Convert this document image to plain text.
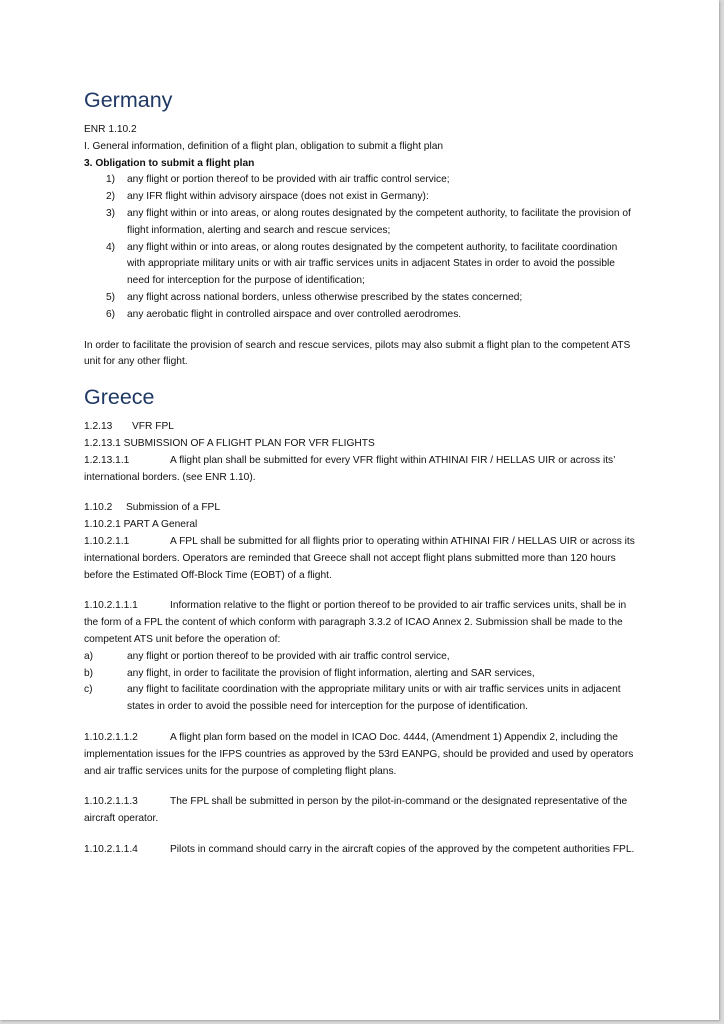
Germany

ENR 1.10.2

I. General information, definition of a flight plan, obligation to submit a flight plan

3. Obligation to submit a flight plan

1)	any flight or portion thereof to be provided with air traffic control service;
2)	any IFR flight within advisory airspace (does not exist in Germany):
3)	any flight within or into areas, or along routes designated by the competent authority, to facilitate the provision of flight information, alerting and search and rescue services;
4)	any flight within or into areas, or along routes designated by the competent authority, to facilitate coordination with appropriate military units or with air traffic services units in adjacent States in order to avoid the possible need for interception for the purpose of identification;
5)	any flight across national borders, unless otherwise prescribed by the states concerned;
6)	any aerobatic flight in controlled airspace and over controlled aerodromes.

In order to facilitate the provision of search and rescue services, pilots may also submit a flight plan to the competent ATS unit for any other flight.

Greece

1.2.13 VFR FPL

1.2.13.1 SUBMISSION OF A FLIGHT PLAN FOR VFR FLIGHTS

1.2.13.1.1	A flight plan shall be submitted for every VFR flight within ATHINAI FIR / HELLAS UIR or across its’ international borders. (see ENR 1.10).

1.10.2 Submission of a FPL

1.10.2.1 PART A General

1.10.2.1.1	A FPL shall be submitted for all flights prior to operating within ATHINAI FIR / HELLAS UIR or across its international borders. Operators are reminded that Greece shall not accept flight plans submitted more than 120 hours before the Estimated Off-Block Time (EOBT) of a flight.

1.10.2.1.1.1	Information relative to the flight or portion thereof to be provided to air traffic services units, shall be in the form of a FPL the content of which conform with paragraph 3.3.2 of ICAO Annex 2. Submission shall be made to the competent ATS unit before the operation of:

a)	any flight or portion thereof to be provided with air traffic control service,
b)	any flight, in order to facilitate the provision of flight information, alerting and SAR services,
c)	any flight to facilitate coordination with the appropriate military units or with air traffic services units in adjacent states in order to avoid the possible need for interception for the purpose of identification.

1.10.2.1.1.2	A flight plan form based on the model in ICAO Doc. 4444, (Amendment 1) Appendix 2, including the implementation issues for the IFPS countries as approved by the 53rd EANPG, should be provided and used by operators and air traffic services units for the purpose of completing flight plans.

1.10.2.1.1.3	The FPL shall be submitted in person by the pilot-in-command or the designated representative of the aircraft operator.

1.10.2.1.1.4	Pilots in command should carry in the aircraft copies of the approved by the competent authorities FPL.
